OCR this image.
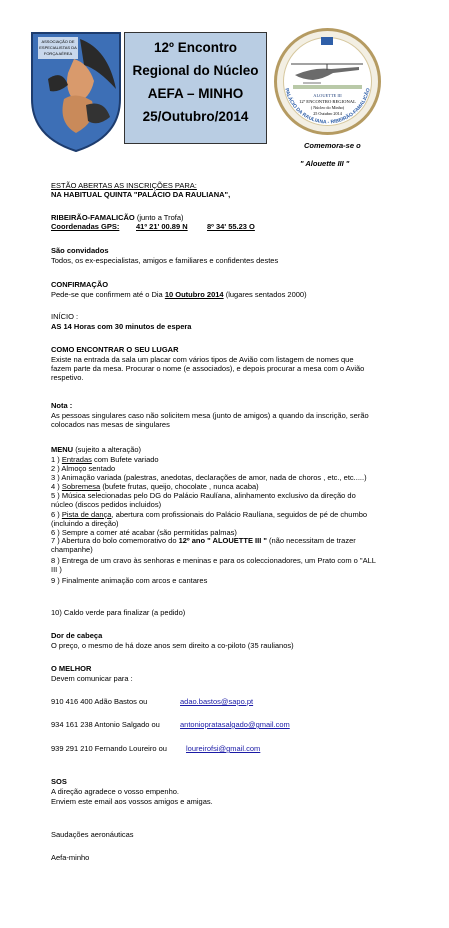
ASSOCIAÇÃO DE
ESPECIALISTAS DA
FORÇA AÉREA	12º Encontro
Regional do Núcleo
AEFA – MINHO
25/Outubro/2014
ALOUETTE III
12º ENCONTRO REGIONAL
( Núcleo do Minho)
25 Outubro 2014
PALÁCIO DA RAULIANA - RIBEIRÃO-FAMALICÃO
Comemora-se o
" Alouette III "
ESTÃO ABERTAS AS INSCRIÇÕES PARA:
NA HABITUAL QUINTA "PALÁCIO DA RAULIANA",
RIBEIRÃO-FAMALICÃO (junto a Trofa)
Coordenadas GPS: 41º 21' 00.89 N	8º 34' 55.23 O
São convidados
Todos, os ex-especialistas, amigos e familiares e confidentes destes
CONFIRMAÇÃO
Pede-se que confirmem até o Dia 10 Outubro 2014 (lugares sentados 2000)
INÍCIO :
AS 14 Horas com 30 minutos de espera
COMO ENCONTRAR O SEU LUGAR
Existe na entrada da sala um placar com vários tipos de Avião com listagem de nomes que
fazem parte da mesa. Procurar o nome (e associados), e depois procurar a mesa com o Avião
respetivo.
Nota :
As pessoas singulares caso não solicitem mesa (junto de amigos) a quando da inscrição, serão
colocados nas mesas de singulares
MENU (sujeito a alteração)
1 ) Entradas com Bufete variado
2 ) Almoço sentado
3 ) Animação variada (palestras, anedotas, declarações de amor, nada de choros , etc., etc.....)
4 ) Sobremesa (bufete frutas, queijo, chocolate , nunca acaba)
5 ) Música selecionadas pelo DG do Palácio Raulíana, alinhamento exclusivo da direção do
núcleo (discos pedidos incluidos)
6 ) Pista de dança, abertura com profissionais do Palácio Raulíana, seguidos de pé de chumbo
(incluindo a direção)
6 ) Sempre a comer até acabar (são permitidas palmas)
7 ) Abertura do bolo comemorativo do 12º ano " ALOUETTE III " (não necessitam de trazer
champanhe)
8 ) Entrega de um cravo às senhoras e meninas e para os coleccionadores, um Prato com o "ALL
III )
9 ) Finalmente animação com arcos e cantares
10) Caldo verde para finalizar (a pedido)
Dor de cabeça
O preço, o mesmo de há doze anos sem direito a co-piloto (35 raulianos)
O MELHOR
Devem comunicar para :
910 416 400 Adão Bastos ou	adao.bastos@sapo.pt
934 161 238 Antonio Salgado ou	antoniopratasalgado@gmail.com
939 291 210 Fernando Loureiro ou	loureirofsi@gmail.com
SOS
A direção agradece o vosso empenho.
Enviem este email aos vossos amigos e amigas.
Saudações aeronáuticas
Aefa-minho
